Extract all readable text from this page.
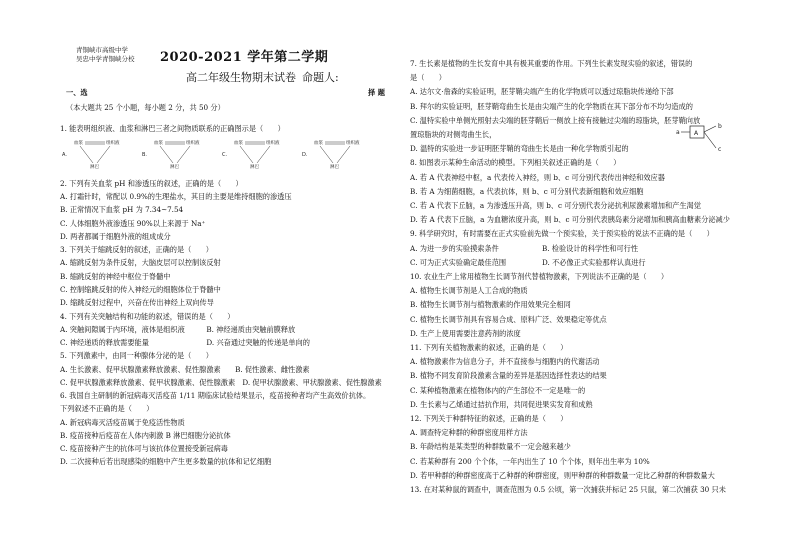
青铜峡市高级中学
吴忠中学青铜峡分校 2020-2021 学年第二学期
高二年级生物期末试卷 命题人:
一、选	择 题
（本大题共 25 个小题，每小题 2 分，共 50 分）
1. 能表明组织液、血浆和淋巴三者之间物质联系的正确图示是（　　）
2. 下列有关血浆 pH 和渗透压的叙述，正确的是（　　）
A. 打霜针时，常配以 0.9%的生理盐水，其目的主要是维持细胞的渗透压
B. 正常情况下血浆 pH 为 7.34~7.54
C. 人体细胞外液渗透压 90%以上来源于 Na⁺
D. 两者都属于细胞外液的组成成分
3. 下列关于缩跳反射的叙述，正确的是（　　）
A. 缩跳反射为条件反射，大脑皮层可以控制该反射
B. 缩跳反射的神经中枢位于脊髓中
C. 控制缩跳反射的传入神经元的细胞体位于脊髓中
D. 缩跳反射过程中，兴奋在传出神经上双向传导
4. 下列有关突触结构和功能的叙述，错误的是（　　）
A. 突触间隙属于内环境，液体是组织液　　　B. 神经递质由突触前膜释放
C. 神经递质的释放需要能量　　　　　　　　D. 兴奋通过突触的传递是单向的
5. 下列激素中，由同一种腺体分泌的是（　　）
A. 生长激素、促甲状腺激素释放激素、促性腺激素　　B. 促性激素、雌性激素
C. 促甲状腺激素释放激素、促甲状腺激素、促性腺激素　D. 促甲状腺激素、甲状腺激素、促性腺激素
6. 我国自主研制的新冠病毒灭活疫苗 1/11 期临床试验结果显示，疫苗接种者均产生高效价抗体。
下列叙述不正确的是（　　）
A. 新冠病毒灭活疫苗属于免疫活性物质
B. 疫苗接种后疫苗在人体内刺激 B 淋巴细胞分泌抗体
C. 疫苗接种产生的抗体可与该抗体位置接受新冠病毒
D. 二次接种后若出现感染的细胞中产生更多数量的抗体和记忆细胞
A.	B.	C.	D.
血浆	组织液
淋巴
血浆	组织液
淋巴
血浆	组织液
淋巴
血浆	组织液
淋巴
7. 生长素是植物的生长发育中具有极其重要的作用。下列生长素发现实验的叙述，错误的
是（　　）
A. 达尔文·詹森的实验证明，胚芽鞘尖端产生的化学物质可以透过琼脂块传递给下部
B. 拜尔的实验证明，胚芽鞘弯曲生长是由尖端产生的化学物质在其下部分布不均匀造成的
C. 温特实验中单侧光照射去尖端的胚芽鞘后一侧放上接有接触过尖端的琼脂块，胚芽鞘向放
置琼脂块的对侧弯曲生长，
D. 温特的实验进一步证明胚芽鞘的弯曲生长是由一种化学物质引起的
8. 如图表示某种生命活动的模型。下列相关叙述正确的是（　　）
A. 若 A 代表神经中枢，a 代表传入神经，则 b、c 可分别代表传出神经和效应器
B. 若 A 为细菌细胞，a 代表抗体，则 b、c 可分别代表新细胞和效应细胞
C. 若 A 代表下丘脑，a 为渗透压升高，则 b、c 可分别代表分泌抗利尿激素增加和产生渴觉
D. 若 A 代表下丘脑，a 为血糖浓度升高，则 b、c 可分别代表胰岛素分泌增加和胰高血糖素分泌减少
9. 科学研究时，有时需要在正式实验前先做一个预实验，关于预实验的说法不正确的是（　　）
A. 为进一步的实验摸索条件　　　　　　B. 检验设计的科学性和可行性
C. 可为正式实验确定最佳范围　　　　　D. 不必像正式实验那样认真进行
10. 农业生产上常用植物生长调节剂代替植物激素，下列说法不正确的是（　　）
A. 植物生长调节剂是人工合成的物质
B. 植物生长调节剂与植物激素的作用效果完全相同
C. 植物生长调节剂具有容易合成、原料广泛、效果稳定等优点
D. 生产上使用需要注意药剂的浓度
11. 下列有关植物激素的叙述，正确的是（　　）
A. 植物激素作为信息分子，并不直接参与细胞内的代谢活动
B. 植物不同发育阶段激素含量的差异是基因选择性表达的结果
C. 某种植物激素在植物体内的产生部位不一定是唯一的
D. 生长素与乙烯通过拮抗作用，共同促进果实发育和成熟
12. 下列关于种群特征的叙述，正确的是（　　）
A. 调查特定种群的种群密度用样方法
B. 年龄结构是某类型的种群数量不一定会越来越少
C. 若某种群有 200 个个体，一年内出生了 10 个个体，则年出生率为 10%
D. 若甲种群的种群密度高于乙种群的种群密度，则甲种群的种群数量一定比乙种群的种群数量大
13. 在对某种鼠的调查中，调查范围为 0.5 公顷，第一次捕获并标记 25 只鼠，第二次捕获 30 只未
a A
b
c
